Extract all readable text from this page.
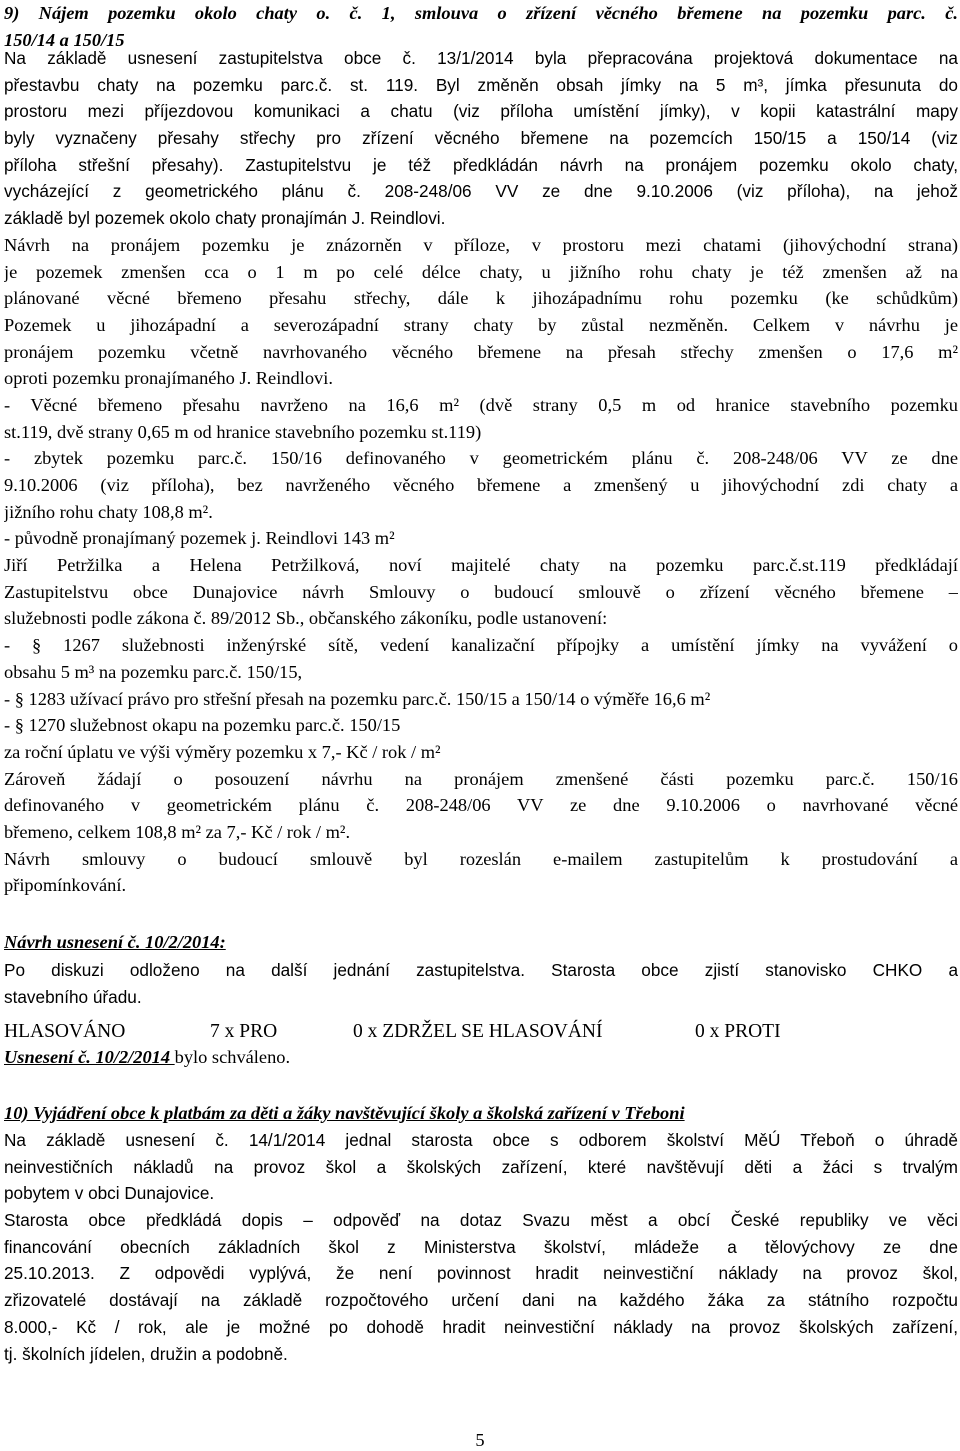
9) Nájem pozemku okolo chaty o. č. 1, smlouva o zřízení věcného břemene na pozemku parc. č.
150/14 a 150/15
Na základě usnesení zastupitelstva obce č. 13/1/2014 byla přepracována projektová dokumentace na
přestavbu chaty na pozemku parc.č. st. 119. Byl změněn obsah jímky na 5 m³, jímka přesunuta do
prostoru mezi příjezdovou komunikaci a chatu (viz příloha umístění jímky), v kopii katastrální mapy
byly vyznačeny přesahy střechy pro zřízení věcného břemene na pozemcích 150/15 a 150/14 (viz
příloha střešní přesahy). Zastupitelstvu je též předkládán návrh na pronájem pozemku okolo chaty,
vycházející z geometrického plánu č. 208-248/06 VV ze dne 9.10.2006 (viz příloha), na jehož
základě byl pozemek okolo chaty pronajímán J. Reindlovi.
Návrh na pronájem pozemku je znázorněn v příloze, v prostoru mezi chatami (jihovýchodní strana)
je pozemek zmenšen cca o 1 m po celé délce chaty, u jižního rohu chaty je též zmenšen až na
plánované věcné břemeno přesahu střechy, dále k jihozápadnímu rohu pozemku (ke schůdkům)
Pozemek u jihozápadní a severozápadní strany chaty by zůstal nezměněn. Celkem v návrhu je
pronájem pozemku včetně navrhovaného věcného břemene na přesah střechy zmenšen o 17,6 m²
oproti pozemku pronajímaného J. Reindlovi.
- Věcné břemeno přesahu navrženo na 16,6 m² (dvě strany 0,5 m od hranice stavebního pozemku
st.119, dvě strany 0,65 m od hranice stavebního pozemku st.119)
- zbytek pozemku parc.č. 150/16 definovaného v geometrickém plánu č. 208-248/06 VV ze dne
9.10.2006 (viz příloha), bez navrženého věcného břemene a zmenšený u jihovýchodní zdi chaty a
jižního rohu chaty 108,8 m².
- původně pronajímaný pozemek j. Reindlovi 143 m²
Jiří Petržilka a Helena Petržilková, noví majitelé chaty na pozemku parc.č.st.119 předkládají
Zastupitelstvu obce Dunajovice návrh Smlouvy o budoucí smlouvě o zřízení věcného břemene –
služebnosti podle zákona č. 89/2012 Sb., občanského zákoníku, podle ustanovení:
- § 1267 služebnosti inženýrské sítě, vedení kanalizační přípojky a umístění jímky na vyvážení o
obsahu 5 m³ na pozemku parc.č. 150/15,
- § 1283 užívací právo pro střešní přesah na pozemku parc.č. 150/15 a 150/14 o výměře 16,6 m²
- § 1270 služebnost okapu na pozemku parc.č. 150/15
za roční úplatu ve výši výměry pozemku x 7,- Kč / rok / m²
Zároveň žádají o posouzení návrhu na pronájem zmenšené části pozemku parc.č. 150/16
definovaného v geometrickém plánu č. 208-248/06 VV ze dne 9.10.2006 o navrhované věcné
břemeno, celkem 108,8 m² za 7,- Kč / rok / m².
Návrh smlouvy o budoucí smlouvě byl rozeslán e-mailem zastupitelům k prostudování a
připomínkování.
Návrh usnesení č. 10/2/2014:
Po diskuzi odloženo na další jednání zastupitelstva. Starosta obce zjistí stanovisko CHKO a
stavebního úřadu.
HLASOVÁNO	7 x PRO	0 x ZDRŽEL SE HLASOVÁNÍ	0 x PROTI
Usnesení č. 10/2/2014 bylo schváleno.
10) Vyjádření obce k platbám za děti a žáky navštěvující školy a školská zařízení v Třeboni
Na základě usnesení č. 14/1/2014 jednal starosta obce s odborem školství MěÚ Třeboň o úhradě
neinvestičních nákladů na provoz škol a školských zařízení, které navštěvují děti a žáci s trvalým
pobytem v obci Dunajovice.
Starosta obce předkládá dopis – odpověď na dotaz Svazu měst a obcí České republiky ve věci
financování obecních základních škol z Ministerstva školství, mládeže a tělovýchovy ze dne
25.10.2013. Z odpovědi vyplývá, že není povinnost hradit neinvestiční náklady na provoz škol,
zřizovatelé dostávají na základě rozpočtového určení dani na každého žáka za státního rozpočtu
8.000,- Kč / rok, ale je možné po dohodě hradit neinvestiční náklady na provoz školských zařízení,
tj. školních jídelen, družin a podobně.
5
